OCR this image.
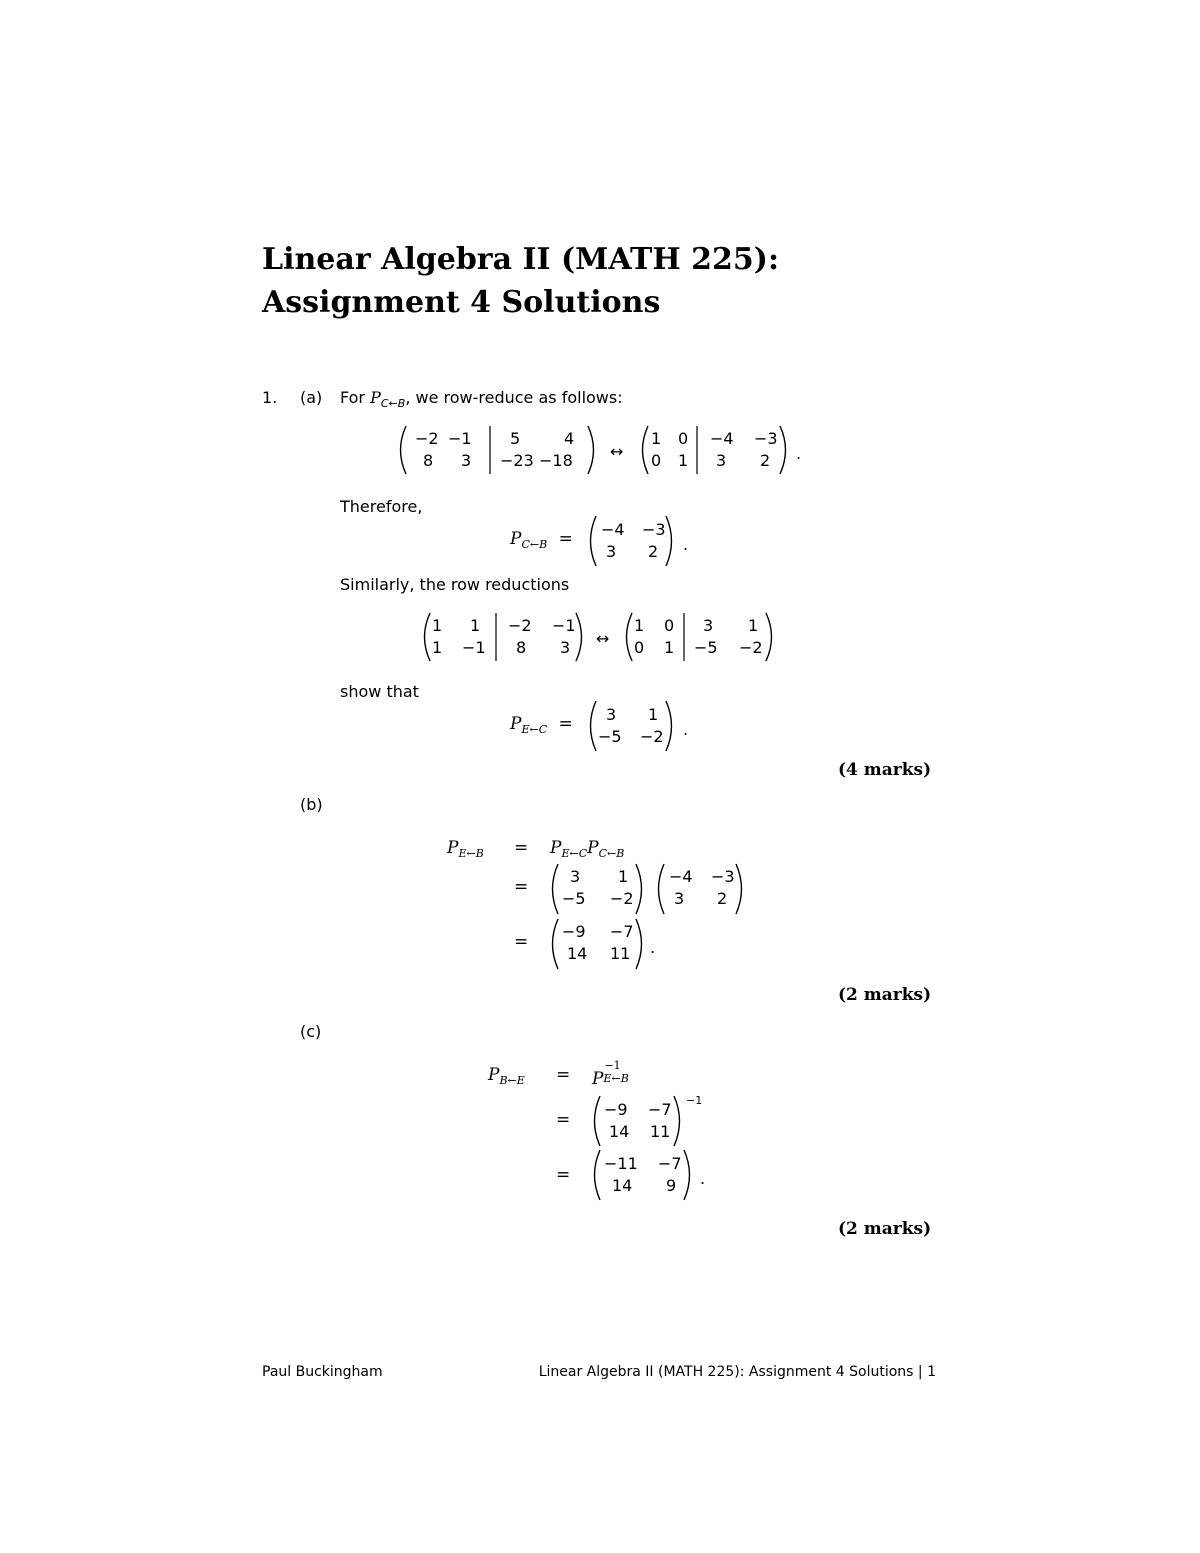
Linear Algebra II (MATH 225):
Assignment 4 Solutions
1. (a) For $P_{C\leftarrow B}$, we row-reduce as follows:
−2 −1
8 3
5
−23
4
−18 ↔
1 0
0 1
−4
3
−3
2 .
Therefore,
$P_{C\leftarrow B} = -4 -3$
3 2 .
Similarly, the row reductions
1 1
1 −1
−2
8
−1
3 ↔
1 0
0 1
3
−5
1
−2
show that
$P_{E\leftarrow C} = 3$ 1
−5 −2 .
(4 marks)
(b)
$P_{E\leftarrow B} = P_{E\leftarrow C}P_{C\leftarrow B}$
=
3 1
−5 −2
−4 −3
3 2
=
−9 −7
14 11 .
(2 marks)
(c)
$P_{B\leftarrow E} = P$
−1
E←B
=
−9 −7
14 11
−1
=
−11 −7
14 9 .
(2 marks)
Paul Buckingham	Linear Algebra II (MATH 225): Assignment 4 Solutions | 1
